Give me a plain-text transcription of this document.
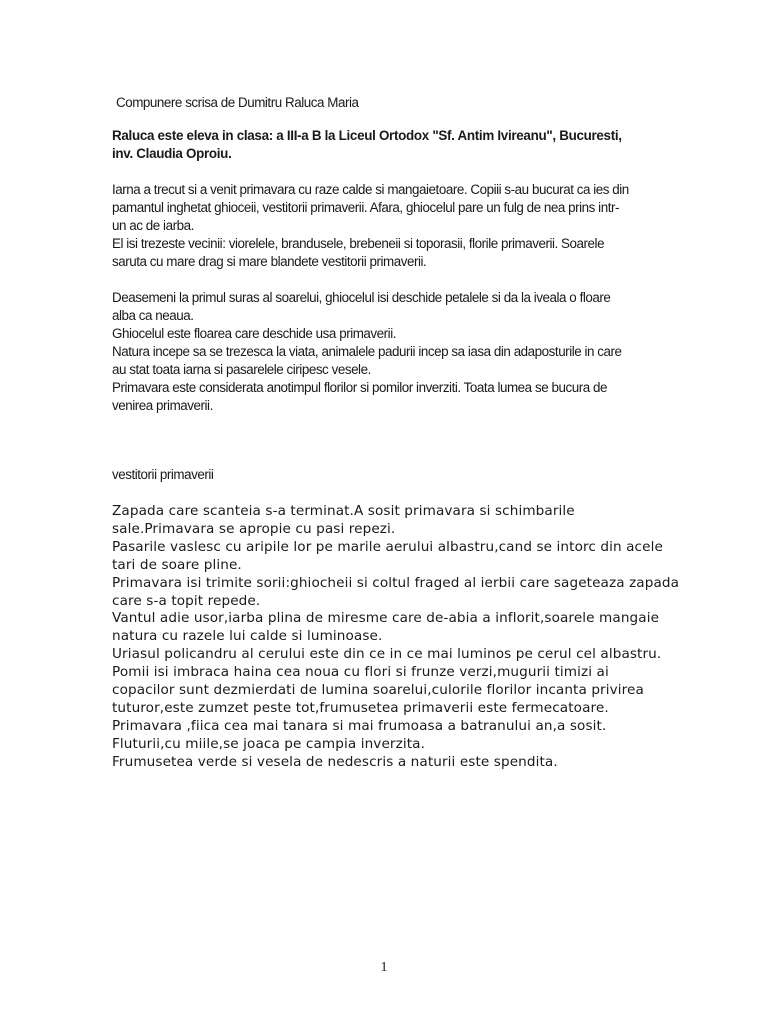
Compunere scrisa de Dumitru Raluca Maria
Raluca este eleva in clasa: a III-a B la Liceul Ortodox "Sf. Antim Ivireanu", Bucuresti,
inv. Claudia Oproiu.
Iarna a trecut si a venit primavara cu raze calde si mangaietoare. Copiii s-au bucurat ca ies din
pamantul inghetat ghioceii, vestitorii primaverii. Afara, ghiocelul pare un fulg de nea prins intr-
un ac de iarba.
El isi trezeste vecinii: viorelele, brandusele, brebeneii si toporasii, florile primaverii. Soarele
saruta cu mare drag si mare blandete vestitorii primaverii.
Deasemeni la primul suras al soarelui, ghiocelul isi deschide petalele si da la iveala o floare
alba ca neaua.
Ghiocelul este floarea care deschide usa primaverii.
Natura incepe sa se trezesca la viata, animalele padurii incep sa iasa din adaposturile in care
au stat toata iarna si pasarelele ciripesc vesele.
Primavara este considerata anotimpul florilor si pomilor inverziti. Toata lumea se bucura de
venirea primaverii.
vestitorii primaverii
Zapada care scanteia s-a terminat.A sosit primavara si schimbarile
sale.Primavara se apropie cu pasi repezi.
Pasarile vaslesc cu aripile lor pe marile aerului albastru,cand se intorc din acele
tari de soare pline.
Primavara isi trimite sorii:ghiocheii si coltul fraged al ierbii care sageteaza zapada
care s-a topit repede.
Vantul adie usor,iarba plina de miresme care de-abia a inflorit,soarele mangaie
natura cu razele lui calde si luminoase.
Uriasul policandru al cerului este din ce in ce mai luminos pe cerul cel albastru.
Pomii isi imbraca haina cea noua cu flori si frunze verzi,mugurii timizi ai
copacilor sunt dezmierdati de lumina soarelui,culorile florilor incanta privirea
tuturor,este zumzet peste tot,frumusetea primaverii este fermecatoare.
Primavara ,fiica cea mai tanara si mai frumoasa a batranului an,a sosit.
Fluturii,cu miile,se joaca pe campia inverzita.
Frumusetea verde si vesela de nedescris a naturii este spendita.
1
